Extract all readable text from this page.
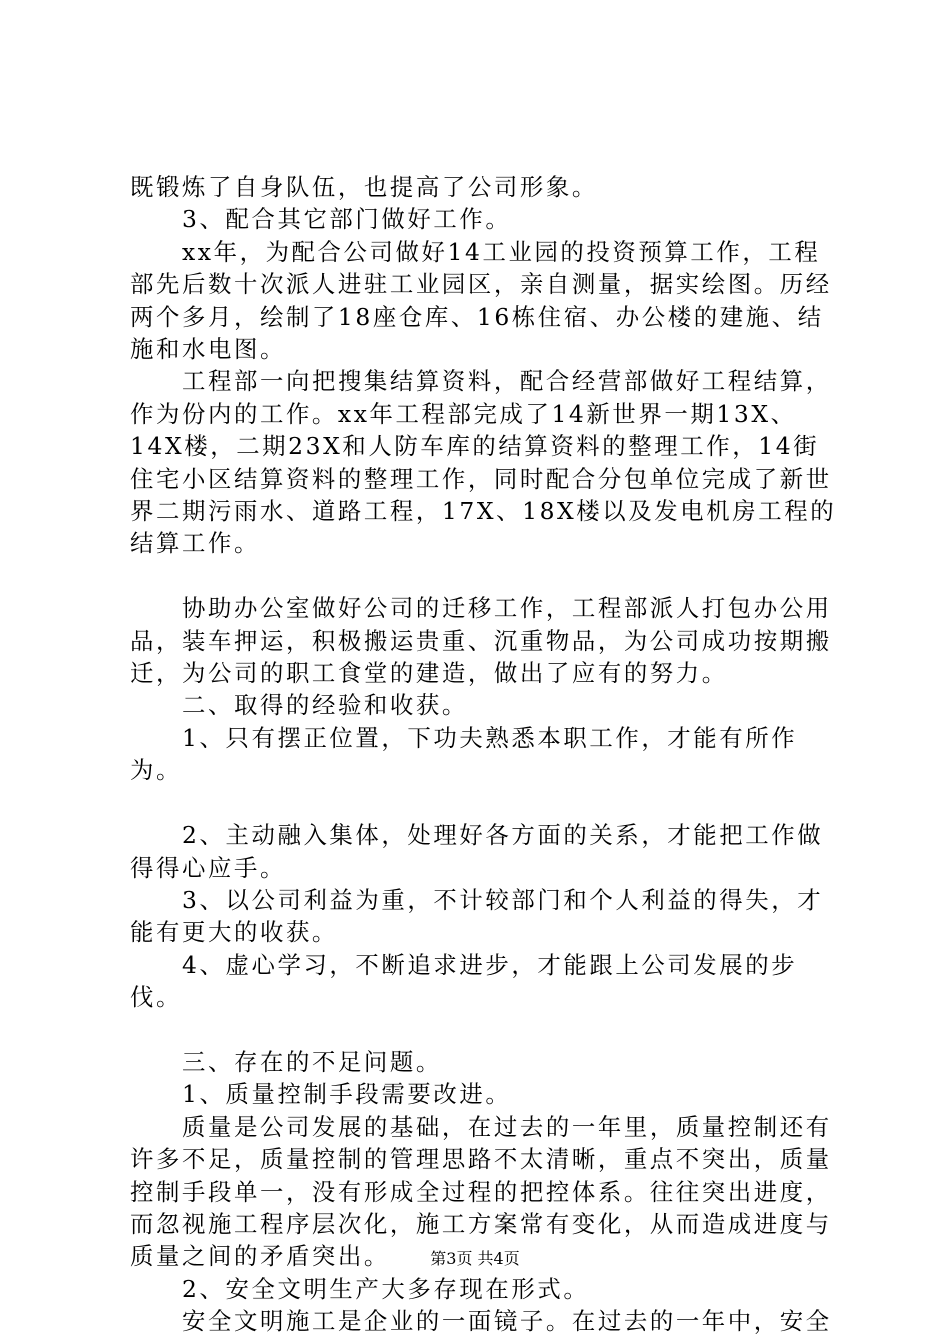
既锻炼了自身队伍，也提高了公司形象。

3、配合其它部门做好工作。

xx年，为配合公司做好14工业园的投资预算工作，工程部先后数十次派人进驻工业园区，亲自测量，据实绘图。历经两个多月，绘制了18座仓库、16栋住宿、办公楼的建施、结施和水电图。

工程部一向把搜集结算资料，配合经营部做好工程结算，作为份内的工作。xx年工程部完成了14新世界一期13X、14X楼，二期23X和人防车库的结算资料的整理工作，14街住宅小区结算资料的整理工作，同时配合分包单位完成了新世界二期污雨水、道路工程，17X、18X楼以及发电机房工程的结算工作。

协助办公室做好公司的迁移工作，工程部派人打包办公用品，装车押运，积极搬运贵重、沉重物品，为公司成功按期搬迁，为公司的职工食堂的建造，做出了应有的努力。

二、取得的经验和收获。

1、只有摆正位置，下功夫熟悉本职工作，才能有所作为。

2、主动融入集体，处理好各方面的关系，才能把工作做得得心应手。

3、以公司利益为重，不计较部门和个人利益的得失，才能有更大的收获。

4、虚心学习，不断追求进步，才能跟上公司发展的步伐。

三、存在的不足问题。

1、质量控制手段需要改进。

质量是公司发展的基础，在过去的一年里，质量控制还有许多不足，质量控制的管理思路不太清晰，重点不突出，质量控制手段单一，没有形成全过程的把控体系。往往突出进度，而忽视施工程序层次化，施工方案常有变化，从而造成进度与质量之间的矛盾突出。

2、安全文明生产大多存现在形式。

安全文明施工是企业的一面镜子。在过去的一年中，安全

第3页 共4页
